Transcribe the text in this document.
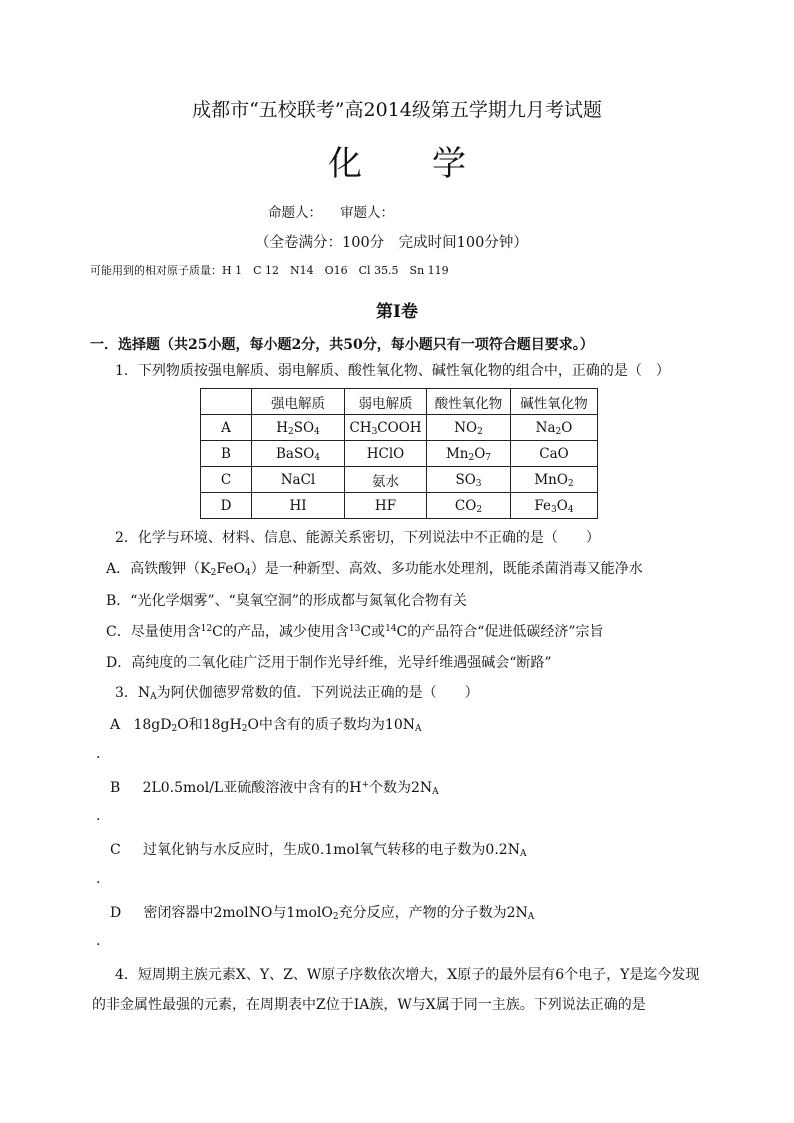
成都市“五校联考”高2014级第五学期九月考试题
化 学
命题人： 审题人：
（全卷满分：100分　完成时间100分钟）
可能用到的相对原子质量：H 1　C 12　N14　O16　Cl 35.5　Sn 119
第I卷
一．选择题（共25小题，每小题2分，共50分，每小题只有一项符合题目要求。）
1．下列物质按强电解质、弱电解质、酸性氧化物、碱性氧化物的组合中，正确的是（　）
	强电解质	弱电解质	酸性氧化物	碱性氧化物
A	$H_2SO_4$	$CH_3COOH$	$NO_2$	$Na_2O$
B	BaSO$_4$	HClO	$Mn_2O_7$	CaO
C	NaCl	氨水	$SO_3$	MnO$_2$
D	HI	HF	$CO_2$	$Fe_3O_4$
2．化学与环境、材料、信息、能源关系密切，下列说法中不正确的是（　　）
A．高铁酸钾$(K_2FeO_4)$是一种新型、高效、多功能水处理剂，既能杀菌消毒又能净水
B．“光化学烟雾”、“臭氧空洞”的形成都与氮氧化合物有关
C．尽量使用含$^{12}$C的产品，减少使用含$^{13}$C或$^{14}$C的产品符合“促进低碳经济”宗旨
D．高纯度的二氧化硅广泛用于制作光导纤维，光导纤维遇强碱会“断路”
3．$N_A$为阿伏伽德罗常数的值．下列说法正确的是（　　）
A $18gD_2O$和$18gH_2O$中含有的质子数均为$10N_A$
.
B 2L0.5mol/L亚硫酸溶液中含有的H+个数为$2N_A$
.
C 过氧化钠与水反应时，生成0.1mol氧气转移的电子数为$0.2N_A$
.
D 密闭容器中2molNO与1molO$_2$充分反应，产物的分子数为$2N_A$
.
4．短周期主族元素X、Y、Z、W原子序数依次增大，X原子的最外层有6个电子，Y是迄今发现
的非金属性最强的元素，在周期表中Z位于ⅠA族，W与X属于同一主族。下列说法正确的是
